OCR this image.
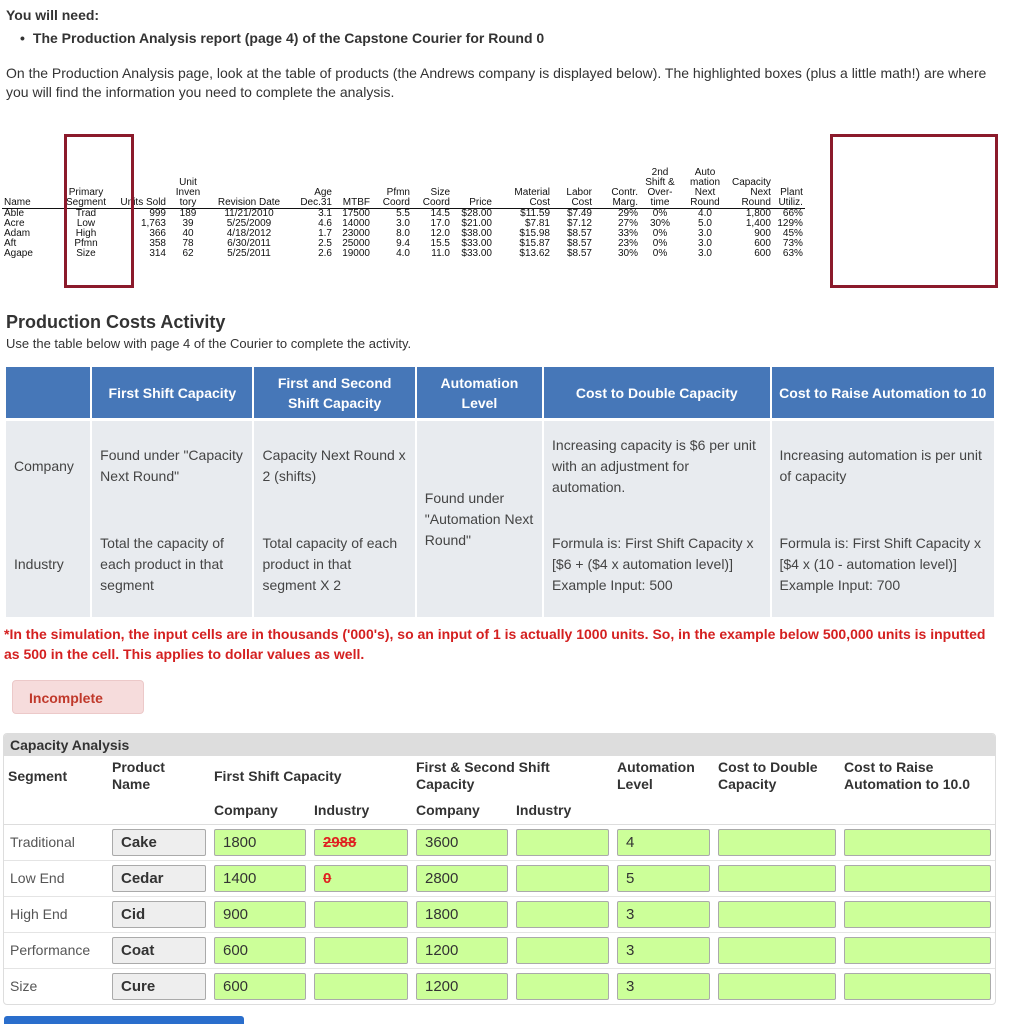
You will need:
• The Production Analysis report (page 4) of the Capstone Courier for Round 0
On the Production Analysis page, look at the table of products (the Andrews company is displayed below). The highlighted boxes (plus a little math!) are where you will find the information you need to complete the analysis.
Name	Primary Segment	Units Sold	Unit Inven tory	Revision Date	Age Dec.31	MTBF	Pfmn Coord	Size Coord	Price	Material Cost	Labor Cost	Contr. Marg.	2nd Shift & Over- time	Auto mation Next Round	Capacity Next Round	Plant Utiliz.
Able	Trad	999	189	11/21/2010	3.1	17500	5.5	14.5	$28.00	$11.59	$7.49	29%	0%	4.0	1,800	66%
Acre	Low	1,763	39	5/25/2009	4.6	14000	3.0	17.0	$21.00	$7.81	$7.12	27%	30%	5.0	1,400	129%
Adam	High	366	40	4/18/2012	1.7	23000	8.0	12.0	$38.00	$15.98	$8.57	33%	0%	3.0	900	45%
Aft	Pfmn	358	78	6/30/2011	2.5	25000	9.4	15.5	$33.00	$15.87	$8.57	23%	0%	3.0	600	73%
Agape	Size	314	62	5/25/2011	2.6	19000	4.0	11.0	$33.00	$13.62	$8.57	30%	0%	3.0	600	63%
Production Costs Activity
Use the table below with page 4 of the Courier to complete the activity.
	First Shift Capacity	First and Second Shift Capacity	Automation Level	Cost to Double Capacity	Cost to Raise Automation to 10
Company	Found under "Capacity Next Round"	Capacity Next Round x 2 (shifts)	Found under "Automation Next Round"	Increasing capacity is $6 per unit with an adjustment for automation.	Increasing automation is per unit of capacity
Industry	Total the capacity of each product in that segment	Total capacity of each product in that segment X 2		Formula is: First Shift Capacity x [$6 + ($4 x automation level)] Example Input: 500	Formula is: First Shift Capacity x [$4 x (10 - automation level)] Example Input: 700
*In the simulation, the input cells are in thousands ('000's), so an input of 1 is actually 1000 units. So, in the example below 500,000 units is inputted as 500 in the cell. This applies to dollar values as well.
Incomplete
Capacity Analysis
Segment	Product Name	First Shift Capacity		First & Second Shift Capacity		Automation Level	Cost to Double Capacity	Cost to Raise Automation to 10.0
		Company	Industry	Company	Industry			
Traditional	Cake	1800	2988	3600		4		

Low End	Cedar	1400	0	2800		5		

High End	Cid	900		1800		3		

Performance	Coat	600		1200		3		

Size	Cure	600		1200		3		
